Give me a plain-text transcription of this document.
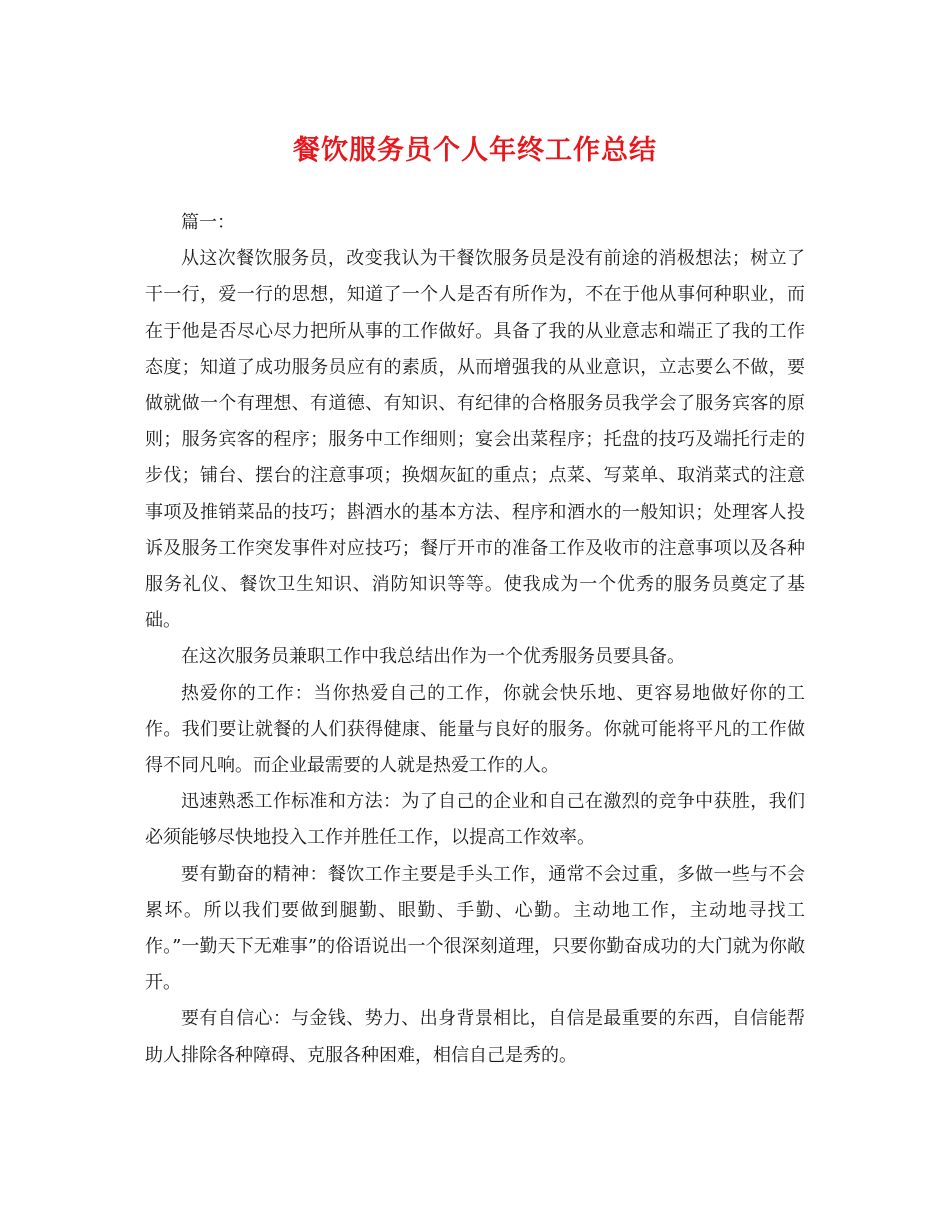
餐饮服务员个人年终工作总结

篇一：

从这次餐饮服务员，改变我认为干餐饮服务员是没有前途的消极想法；树立了干一行，爱一行的思想，知道了一个人是否有所作为，不在于他从事何种职业，而在于他是否尽心尽力把所从事的工作做好。具备了我的从业意志和端正了我的工作态度；知道了成功服务员应有的素质，从而增强我的从业意识，立志要么不做，要做就做一个有理想、有道德、有知识、有纪律的合格服务员我学会了服务宾客的原则；服务宾客的程序；服务中工作细则；宴会出菜程序；托盘的技巧及端托行走的步伐；铺台、摆台的注意事项；换烟灰缸的重点；点菜、写菜单、取消菜式的注意事项及推销菜品的技巧；斟酒水的基本方法、程序和酒水的一般知识；处理客人投诉及服务工作突发事件对应技巧；餐厅开市的准备工作及收市的注意事项以及各种服务礼仪、餐饮卫生知识、消防知识等等。使我成为一个优秀的服务员奠定了基础。

在这次服务员兼职工作中我总结出作为一个优秀服务员要具备。

热爱你的工作：当你热爱自己的工作，你就会快乐地、更容易地做好你的工作。我们要让就餐的人们获得健康、能量与良好的服务。你就可能将平凡的工作做得不同凡响。而企业最需要的人就是热爱工作的人。

迅速熟悉工作标准和方法：为了自己的企业和自己在激烈的竞争中获胜，我们必须能够尽快地投入工作并胜任工作，以提高工作效率。

要有勤奋的精神：餐饮工作主要是手头工作，通常不会过重，多做一些与不会累坏。所以我们要做到腿勤、眼勤、手勤、心勤。主动地工作，主动地寻找工作。”一勤天下无难事”的俗语说出一个很深刻道理，只要你勤奋成功的大门就为你敞开。

要有自信心：与金钱、势力、出身背景相比，自信是最重要的东西，自信能帮助人排除各种障碍、克服各种困难，相信自己是秀的。
